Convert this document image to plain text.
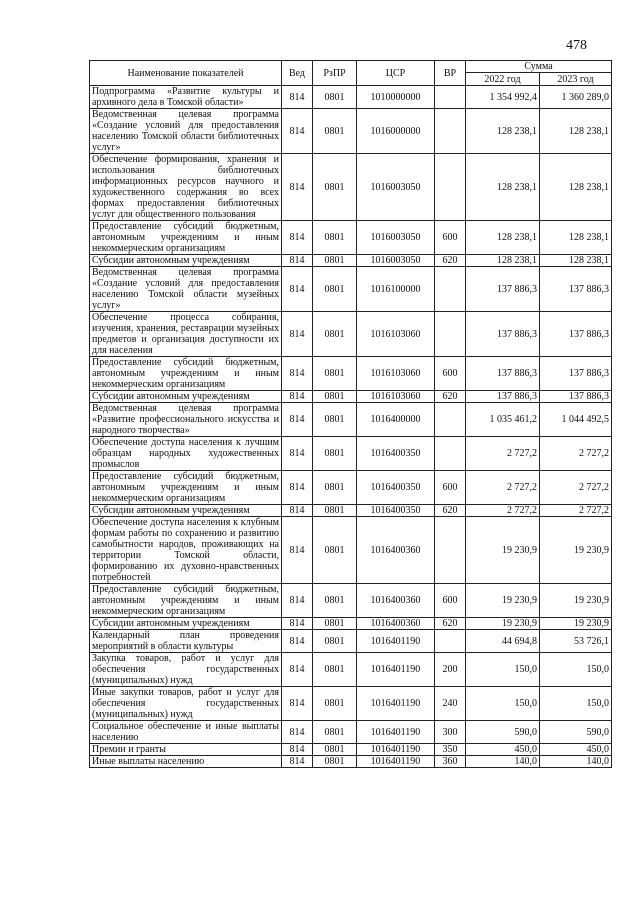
478
Наименование показателей	Вед	РзПР	ЦСР	ВР	Сумма	
					2022 год	2023 год
Подпрограмма «Развитие культуры и архивного дела в Томской области»	814	0801	1010000000		1 354 992,4	1 360 289,0
Ведомственная целевая программа «Создание условий для предоставления населению Томской области библиотечных услуг»	814	0801	1016000000		128 238,1	128 238,1
Обеспечение формирования, хранения и использования библиотечных информационных ресурсов научного и художественного содержания во всех формах предоставления библиотечных услуг для общественного пользования	814	0801	1016003050		128 238,1	128 238,1
Предоставление субсидий бюджетным, автономным учреждениям и иным некоммерческим организациям	814	0801	1016003050	600	128 238,1	128 238,1
Субсидии автономным учреждениям	814	0801	1016003050	620	128 238,1	128 238,1
Ведомственная целевая программа «Создание условий для предоставления населению Томской области музейных услуг»	814	0801	1016100000		137 886,3	137 886,3
Обеспечение процесса собирания, изучения, хранения, реставрации музейных предметов и организация доступности их для населения	814	0801	1016103060		137 886,3	137 886,3
Предоставление субсидий бюджетным, автономным учреждениям и иным некоммерческим организациям	814	0801	1016103060	600	137 886,3	137 886,3
Субсидии автономным учреждениям	814	0801	1016103060	620	137 886,3	137 886,3
Ведомственная целевая программа «Развитие профессионального искусства и народного творчества»	814	0801	1016400000		1 035 461,2	1 044 492,5
Обеспечение доступа населения к лучшим образцам народных художественных промыслов	814	0801	1016400350		2 727,2	2 727,2
Предоставление субсидий бюджетным, автономным учреждениям и иным некоммерческим организациям	814	0801	1016400350	600	2 727,2	2 727,2
Субсидии автономным учреждениям	814	0801	1016400350	620	2 727,2	2 727,2
Обеспечение доступа населения к клубным формам работы по сохранению и развитию самобытности народов, проживающих на территории Томской области, формированию их духовно-нравственных потребностей	814	0801	1016400360		19 230,9	19 230,9
Предоставление субсидий бюджетным, автономным учреждениям и иным некоммерческим организациям	814	0801	1016400360	600	19 230,9	19 230,9
Субсидии автономным учреждениям	814	0801	1016400360	620	19 230,9	19 230,9
Календарный план проведения мероприятий в области культуры	814	0801	1016401190		44 694,8	53 726,1
Закупка товаров, работ и услуг для обеспечения государственных (муниципальных) нужд	814	0801	1016401190	200	150,0	150,0
Иные закупки товаров, работ и услуг для обеспечения государственных (муниципальных) нужд	814	0801	1016401190	240	150,0	150,0
Социальное обеспечение и иные выплаты населению	814	0801	1016401190	300	590,0	590,0
Премии и гранты	814	0801	1016401190	350	450,0	450,0
Иные выплаты населению	814	0801	1016401190	360	140,0	140,0
